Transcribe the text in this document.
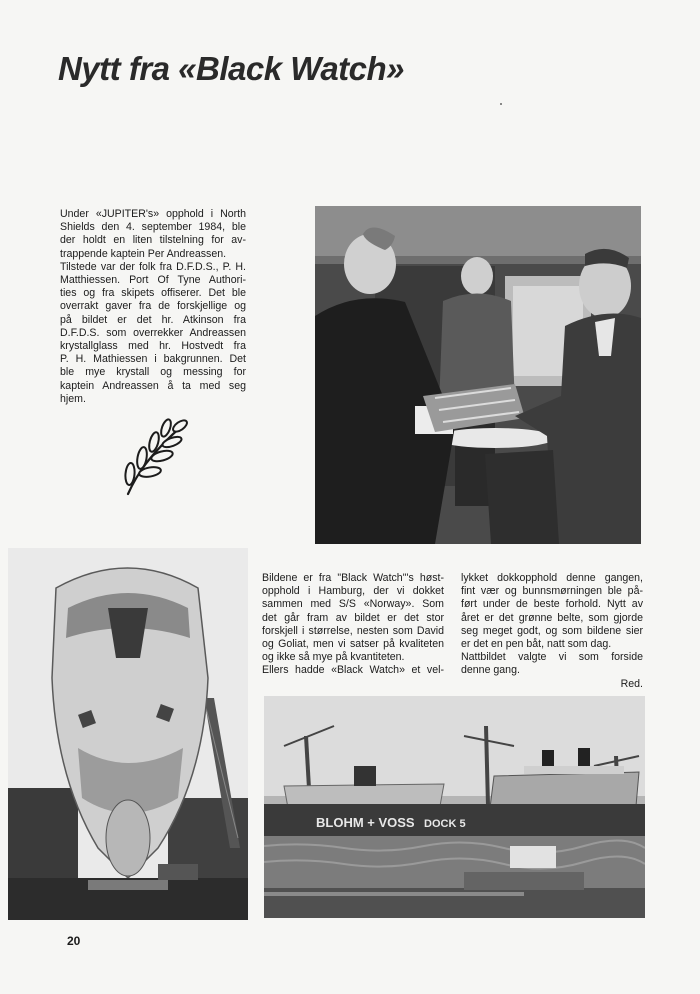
Nytt fra «Black Watch»
Under «JUPITER's» opphold i North
Shields den 4. september 1984, ble
der holdt en liten tilstelning for av-
trappende kaptein Per Andreassen.
Tilstede var der folk fra D.F.D.S., P. H.
Matthiessen. Port Of Tyne Authori-
ties og fra skipets offiserer. Det ble
overrakt gaver fra de forskjellige og
på bildet er det hr. Atkinson fra
D.F.D.S. som overrekker Andreassen
krystallglass med hr. Hostvedt fra
P. H. Mathiessen i bakgrunnen. Det
ble mye krystall og messing for
kaptein Andreassen å ta med seg
hjem.
Bildene er fra "Black Watch"'s høst-
opphold i Hamburg, der vi dokket
sammen med S/S «Norway». Som
det går fram av bildet er det stor
forskjell i størrelse, nesten som David
og Goliat, men vi satser på kvaliteten
og ikke så mye på kvantiteten.
Ellers hadde «Black Watch» et vel-
lykket dokkopphold denne gangen,
fint vær og bunnsmørningen ble på-
ført under de beste forhold. Nytt av
året er det grønne belte, som gjorde
seg meget godt, og som bildene sier
er det en pen båt, natt som dag.
Nattbildet valgte vi som forside
denne gang.
Red.
BLOHM + VOSS DOCK 5
20
